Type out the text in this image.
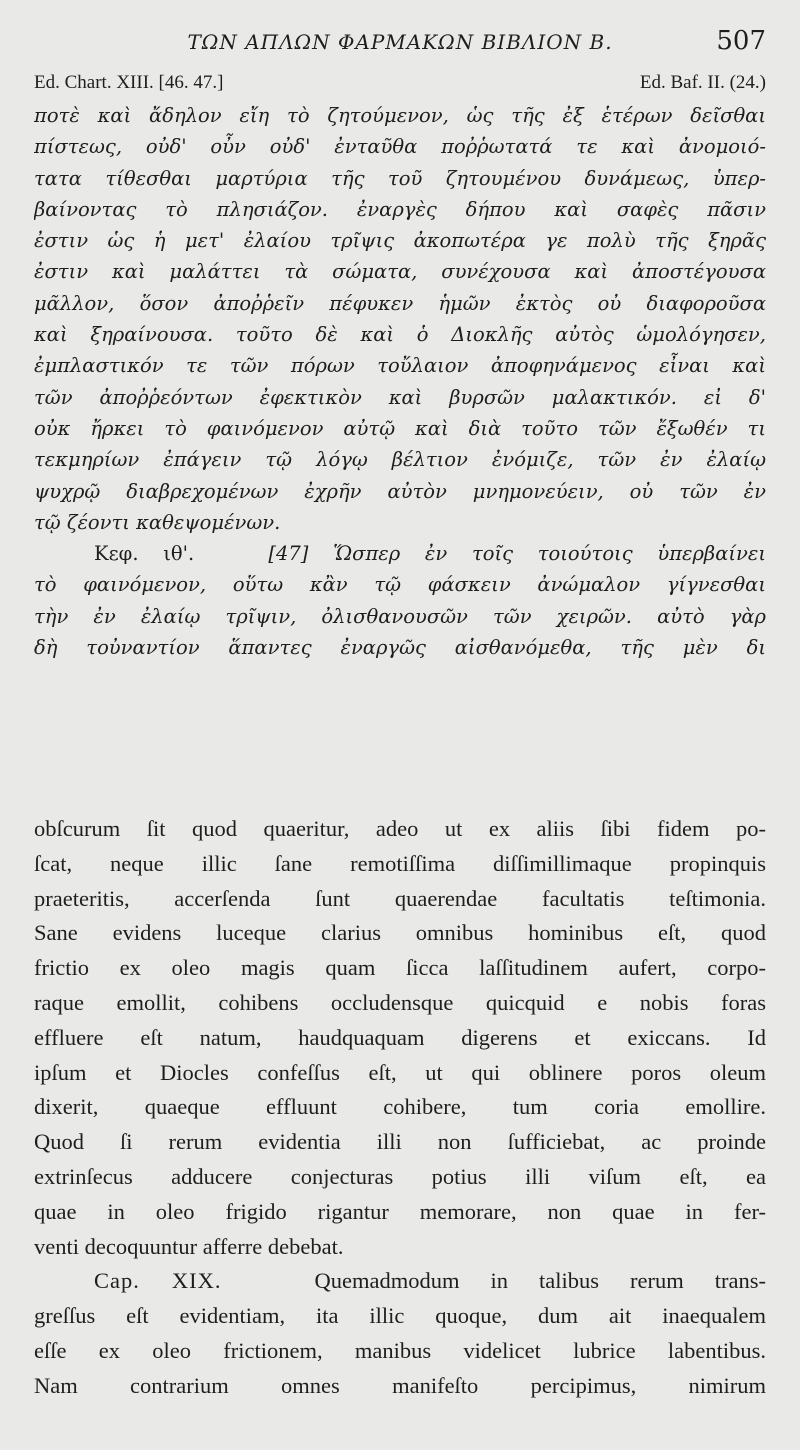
ΤΩΝ ΑΠΛΩΝ ΦΑΡΜΑΚΩΝ ΒΙΒΛΙΟΝ Β.	507
Ed. Chart. XIII. [46. 47.]	Ed. Baf. II. (24.)
ποτὲ καὶ ἄδηλον εἴη τὸ ζητούμενον, ὡς τῆς ἐξ ἑτέρων δεῖσθαι
πίστεως, οὐδ' οὖν οὐδ' ἐνταῦθα ποῤῥωτατά τε καὶ ἀνομοιό-
τατα τίθεσθαι μαρτύρια τῆς τοῦ ζητουμένου δυνάμεως, ὑπερ-
βαίνοντας τὸ πλησιάζον. ἐναργὲς δήπου καὶ σαφὲς πᾶσιν
ἐστιν ὡς ἡ μετ' ἐλαίου τρῖψις ἀκοπωτέρα γε πολὺ τῆς ξηρᾶς
ἐστιν καὶ μαλάττει τὰ σώματα, συνέχουσα καὶ ἀποστέγουσα
μᾶλλον, ὅσον ἀποῤῥεῖν πέφυκεν ἡμῶν ἐκτὸς οὐ διαφοροῦσα
καὶ ξηραίνουσα. τοῦτο δὲ καὶ ὁ Διοκλῆς αὐτὸς ὡμολόγησεν,
ἐμπλαστικόν τε τῶν πόρων τοὔλαιον ἀποφηνάμενος εἶναι καὶ
τῶν ἀποῤῥεόντων ἐφεκτικὸν καὶ βυρσῶν μαλακτικόν. εἰ δ'
οὐκ ἤρκει τὸ φαινόμενον αὐτῷ καὶ διὰ τοῦτο τῶν ἔξωθέν τι
τεκμηρίων ἐπάγειν τῷ λόγῳ βέλτιον ἐνόμιζε, τῶν ἐν ἐλαίῳ
ψυχρῷ διαβρεχομένων ἐχρῆν αὐτὸν μνημονεύειν, οὐ τῶν ἐν
τῷ ζέοντι καθεψομένων.
Κεφ. ιθ'.	[47] Ὥσπερ ἐν τοῖς τοιούτοις ὑπερβαίνει
τὸ φαινόμενον, οὕτω κἂν τῷ φάσκειν ἀνώμαλον γίγνεσθαι
τὴν ἐν ἐλαίῳ τρῖψιν, ὀλισθανουσῶν τῶν χειρῶν. αὐτὸ γὰρ
δὴ τοὐναντίον ἅπαντες ἐναργῶς αἰσθανόμεθα, τῆς μὲν δι
obſcurum ſit quod quaeritur, adeo ut ex aliis ſibi fidem po-
ſcat, neque illic ſane remotiſſima diſſimillimaque propinquis
praeteritis, accerſenda ſunt quaerendae facultatis teſtimonia.
Sane evidens luceque clarius omnibus hominibus eſt, quod
frictio ex oleo magis quam ſicca laſſitudinem aufert, corpo-
raque emollit, cohibens occludensque quicquid e nobis foras
effluere eſt natum, haudquaquam digerens et exiccans. Id
ipſum et Diocles confeſſus eſt, ut qui oblinere poros oleum
dixerit, quaeque effluunt cohibere, tum coria emollire.
Quod ſi rerum evidentia illi non ſufficiebat, ac proinde
extrinſecus adducere conjecturas potius illi viſum eſt, ea
quae in oleo frigido rigantur memorare, non quae in fer-
venti decoquuntur afferre debebat.
Cap. XIX.	Quemadmodum in talibus rerum trans-
greſſus eſt evidentiam, ita illic quoque, dum ait inaequalem
eſſe ex oleo frictionem, manibus videlicet lubrice labentibus.
Nam contrarium omnes manifeſto percipimus, nimirum
